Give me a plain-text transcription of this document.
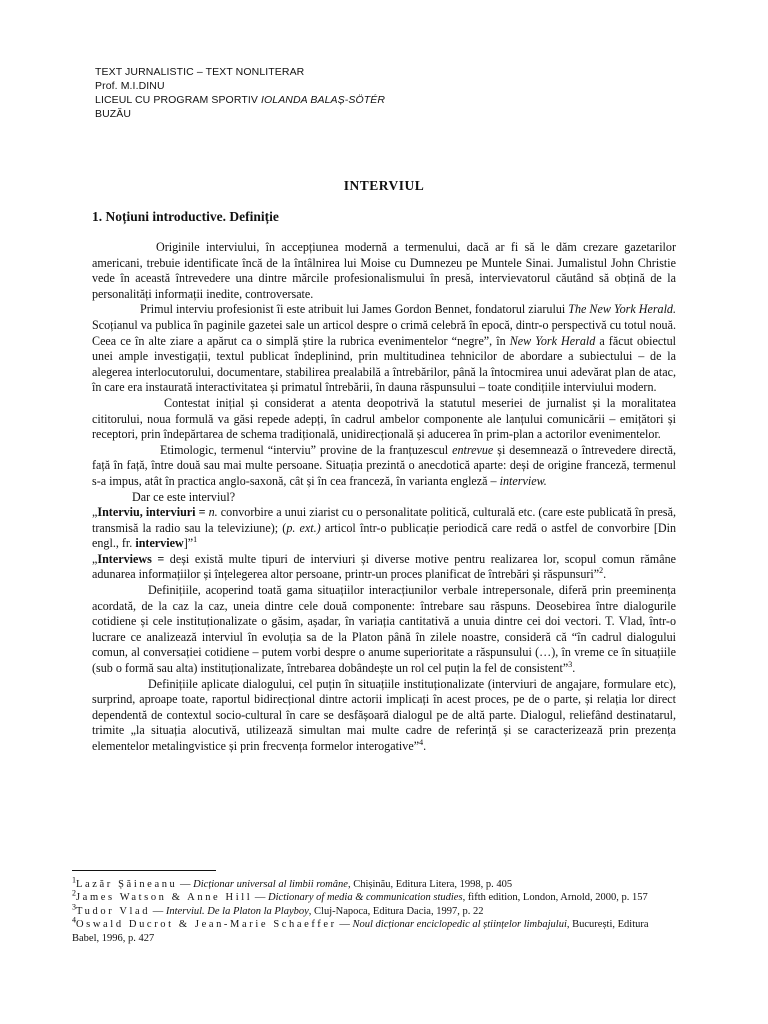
TEXT JURNALISTIC – TEXT NONLITERAR
Prof. M.I.DINU
LICEUL CU PROGRAM SPORTIV IOLANDA BALAȘ-SÖTÉR
BUZĂU
INTERVIUL
1. Noțiuni introductive. Definiție

Originile interviului, în accepțiunea modernă a termenului, dacă ar fi să le dăm crezare gazetarilor americani, trebuie identificate încă de la întâlnirea lui Moise cu Dumnezeu pe Muntele Sinai. Jumalistul John Christie vede în această întrevedere una dintre mărcile profesionalismului în presă, intervievatorul căutând să obțină de la personalități informații inedite, controversate.

Primul interviu profesionist îi este atribuit lui James Gordon Bennet, fondatorul ziarului The New York Herald. Scoțianul va publica în paginile gazetei sale un articol despre o crimă celebră în epocă, dintr-o perspectivă cu totul nouă. Ceea ce în alte ziare a apărut ca o simplă știre la rubrica evenimentelor “negre”, în New York Herald a făcut obiectul unei ample investigații, textul publicat îndeplinind, prin multitudinea tehnicilor de abordare a subiectului – de la alegerea interlocutorului, documentare, stabilirea prealabilă a întrebărilor, până la întocmirea unui adevărat plan de atac, în care era instaurată interactivitatea și primatul întrebării, în dauna răspunsului – toate condițiile interviului modern.

Contestat inițial și considerat a atenta deopotrivă la statutul meseriei de jurnalist și la moralitatea cititorului, noua formulă va găsi repede adepți, în cadrul ambelor componente ale lanțului comunicării – emițători și receptori, prin îndepărtarea de schema tradițională, unidirecțională și aducerea în prim-plan a actorilor evenimentelor.

Etimologic, termenul “interviu” provine de la franțuzescul entrevue și desemnează o întrevedere directă, față în față, între două sau mai multe persoane. Situația prezintă o anecdotică aparte: deși de origine franceză, termenul s-a impus, atât în practica anglo-saxonă, cât și în cea franceză, în varianta engleză – interview.

Dar ce este interviul?

„Interviu, interviuri = n. convorbire a unui ziarist cu o personalitate politică, culturală etc. (care este publicată în presă, transmisă la radio sau la televiziune); (p. ext.) articol într-o publicație periodică care redă o astfel de convorbire [Din engl., fr. interview]”$^1$

„Interviews = deși există multe tipuri de interviuri și diverse motive pentru realizarea lor, scopul comun rămâne adunarea informațiilor și înțelegerea altor persoane, printr-un proces planificat de întrebări și răspunsuri”$^2$.

Definițiile, acoperind toată gama situațiilor interacțiunilor verbale intrepersonale, diferă prin preeminența acordată, de la caz la caz, uneia dintre cele două componente: întrebare sau răspuns. Deosebirea între dialogurile cotidiene și cele instituționalizate o găsim, așadar, în variația cantitativă a unuia dintre cei doi vectori. T. Vlad, într-o lucrare ce analizează interviul în evoluția sa de la Platon până în zilele noastre, consideră că “în cadrul dialogului comun, al conversației cotidiene – putem vorbi despre o anume superioritate a răspunsului (…), în vreme ce în situațiile (sub o formă sau alta) instituționalizate, întrebarea dobândește un rol cel puțin la fel de consistent”$^3$.

Definițiile aplicate dialogului, cel puțin în situațiile instituționalizate (interviuri de angajare, formulare etc), surprind, aproape toate, raportul bidirecțional dintre actorii implicați în acest proces, pe de o parte, și relația lor direct dependentă de contextul socio-cultural în care se desfășoară dialogul pe de altă parte. Dialogul, reliefând destinatarul, trimite „la situația alocutivă, utilizează simultan mai multe cadre de referință și se caracterizează prin prezența elementelor metalingvistice și prin frecvența formelor interogative”$^4$.

$^1$Lazăr Șăineanu — Dicționar universal al limbii române, Chișinău, Editura Litera, 1998, p. 405

$^2$James Watson & Anne Hill — Dictionary of media & communication studies, fifth edition, London, Arnold, 2000, p. 157

$^3$Tudor Vlad — Interviul. De la Platon la Playboy, Cluj-Napoca, Editura Dacia, 1997, p. 22

$^4$Oswald Ducrot & Jean-Marie Schaeffer — Noul dicționar enciclopedic al științelor limbajului, București, Editura Babel, 1996, p. 427
